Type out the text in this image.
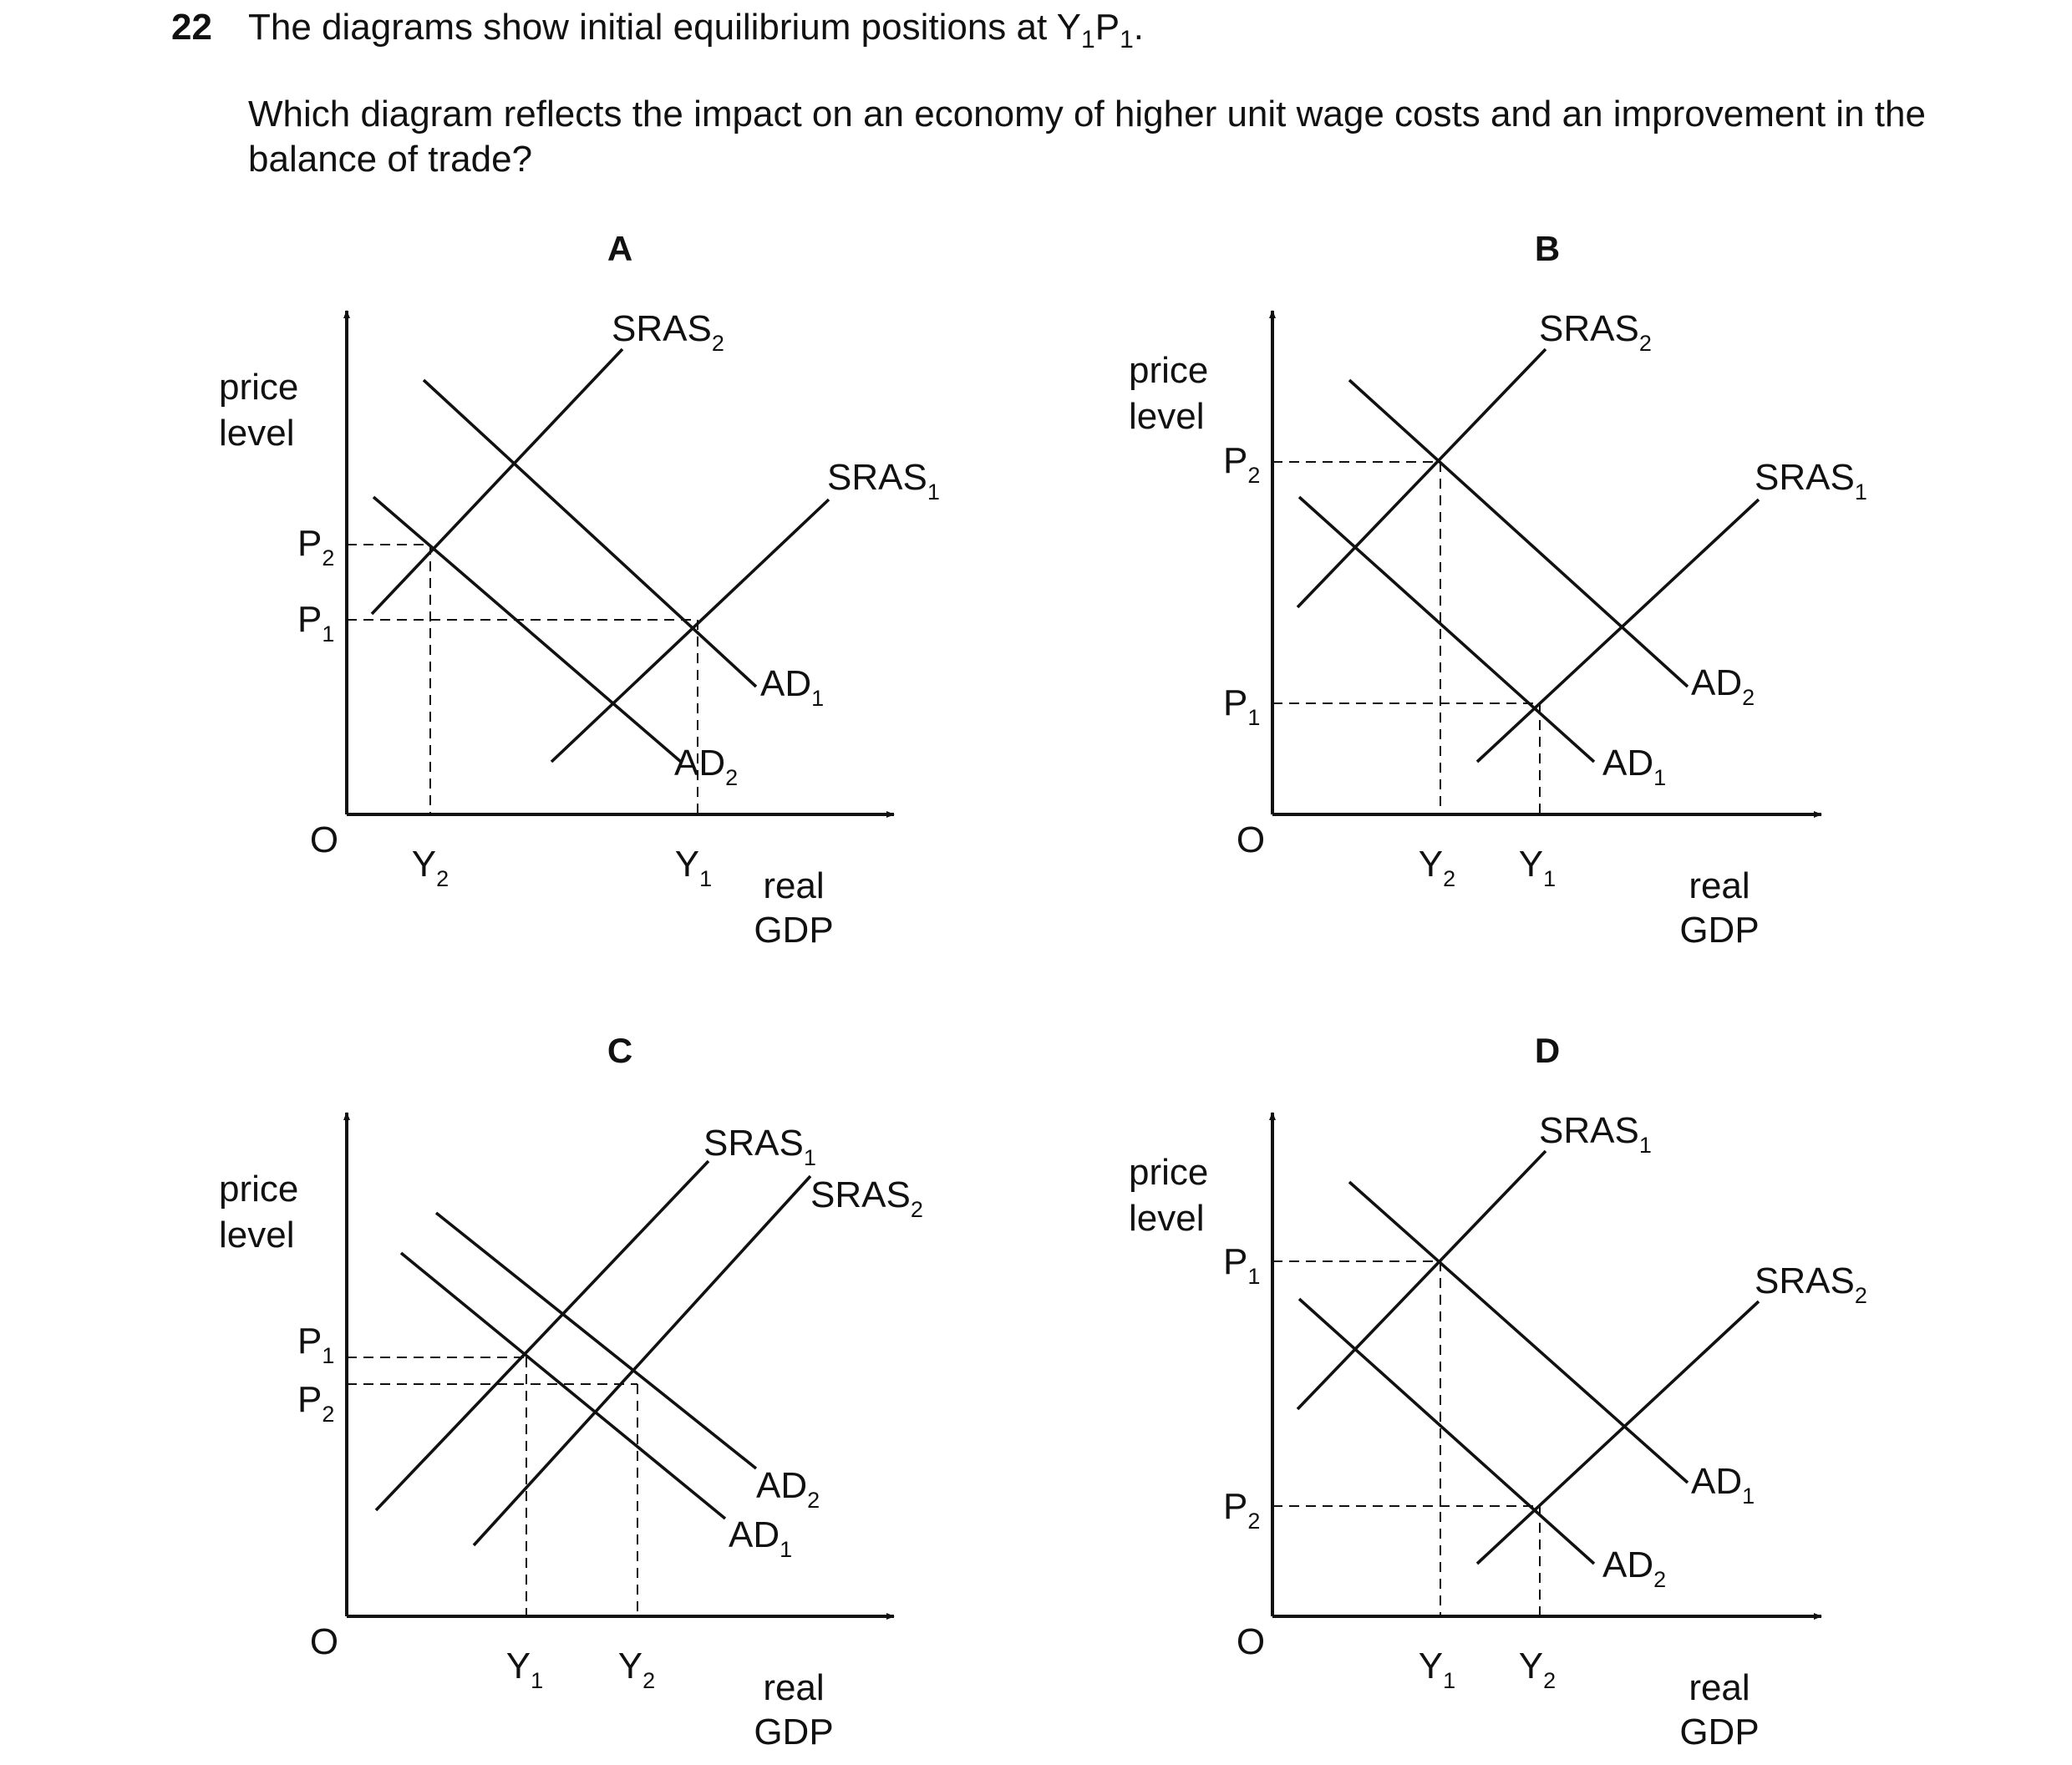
22 The diagrams show initial equilibrium positions at $Y_1P_1$.

Which diagram reflects the impact on an economy of higher unit wage costs and an improvement in the balance of trade?

A
price
level
O
real
GDP
$SRAS_2$
$SRAS_1$
$AD_1$
$AD_2$
$P_2$
$P_1$
$Y_2$	$Y_1$
B
price
level
O
real
GDP
$SRAS_2$
$SRAS_1$
$AD_2$
$AD_1$
$P_2$
$P_1$
$Y_2$ $Y_1$
C
price
level
O
real
GDP
$SRAS_1$
$SRAS_2$
$AD_2$
$AD_1$
$P_1$
$P_2$
$Y_1$ $Y_2$
D
price
level
O
real
GDP
$SRAS_1$
$SRAS_2$
$AD_1$
$AD_2$
$P_1$
$P_2$
$Y_1$ $Y_2$
